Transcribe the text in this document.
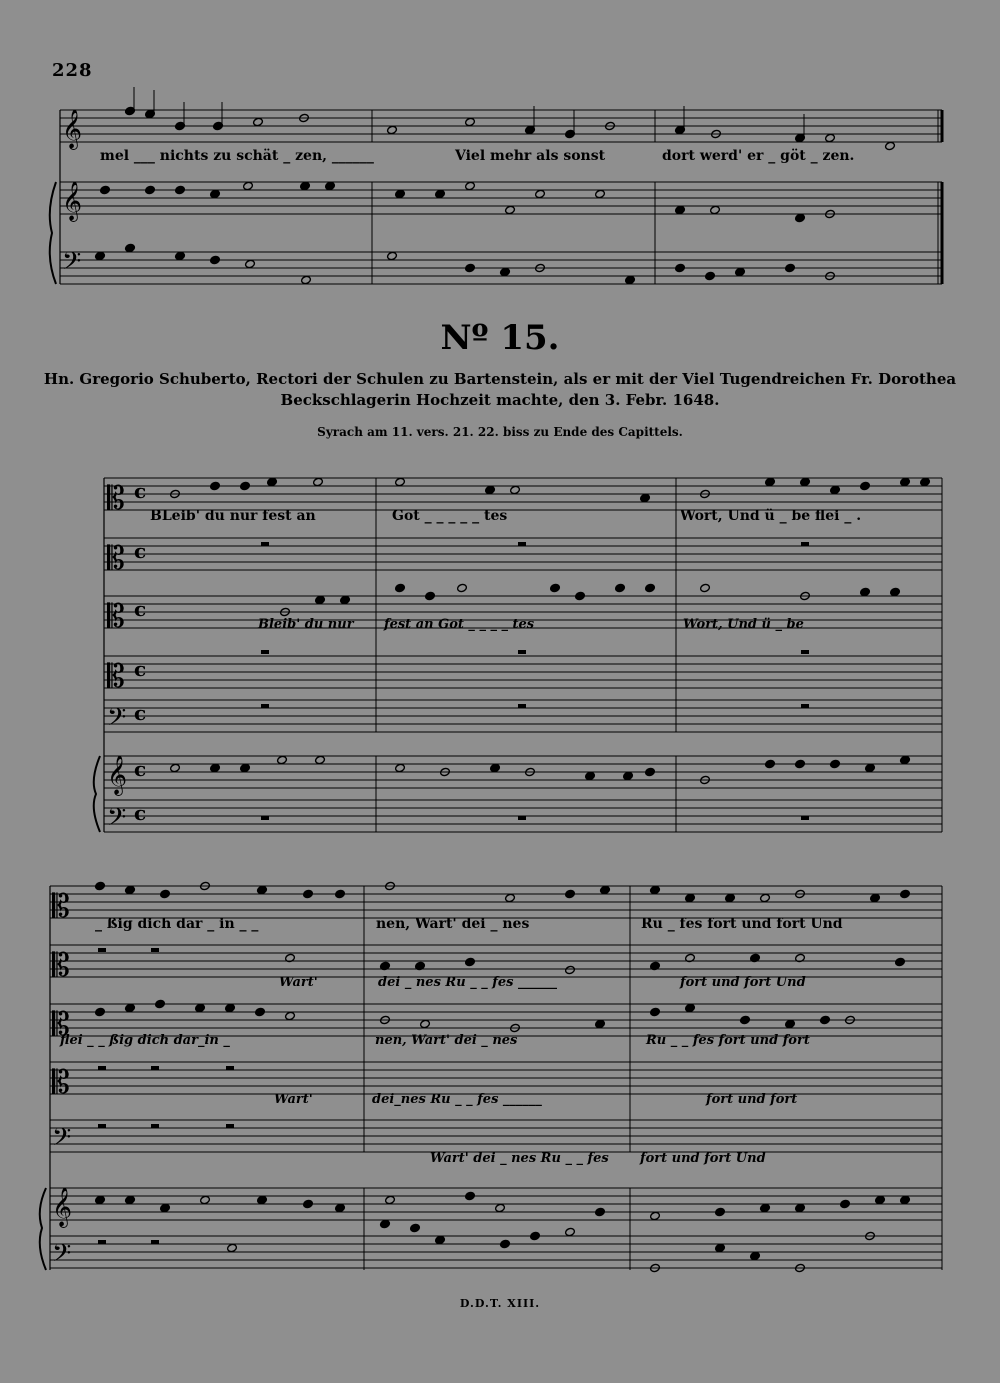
228
𝄞
𝄞
𝄢
𝄡
𝄡
𝄡
𝄡
𝄢
𝄞
𝄢
c
c
c
c
c
c
c
𝄡
𝄡
𝄡
𝄡
𝄢
𝄞
𝄢
mel ___ nichts zu schät _ zen, ______	Viel mehr als sonst	dort werd' er _ göt _ zen.
Nº 15.
Hn. Gregorio Schuberto, Rectori der Schulen zu Bartenstein, als er mit der Viel Tugendreichen Fr. Dorothea
Beckschlagerin Hochzeit machte, den 3. Febr. 1648.
Syrach am 11. vers. 21. 22. biss zu Ende des Capittels.
BLeib' du nur fest an	Got _ _ _ _ _ tes	Wort, Und ü _ be flei _ .
Bleib' du nur fest an Got _ _ _ _ tes	Wort, Und ü _ be
_ ßig dich dar _ in _ _	nen, Wart' dei _ nes	Ru _ fes fort und fort Und
Wart'	dei _ nes Ru _ _ fes ______	fort und fort Und
flei _ _ ßig dich dar_in _	nen, Wart' dei _ nes	Ru _ _ fes fort und fort
Wart'	dei_nes Ru _ _ fes ______	fort und fort
Wart' dei _ nes Ru _ _ fes fort und fort Und
D.D.T. XIII.
